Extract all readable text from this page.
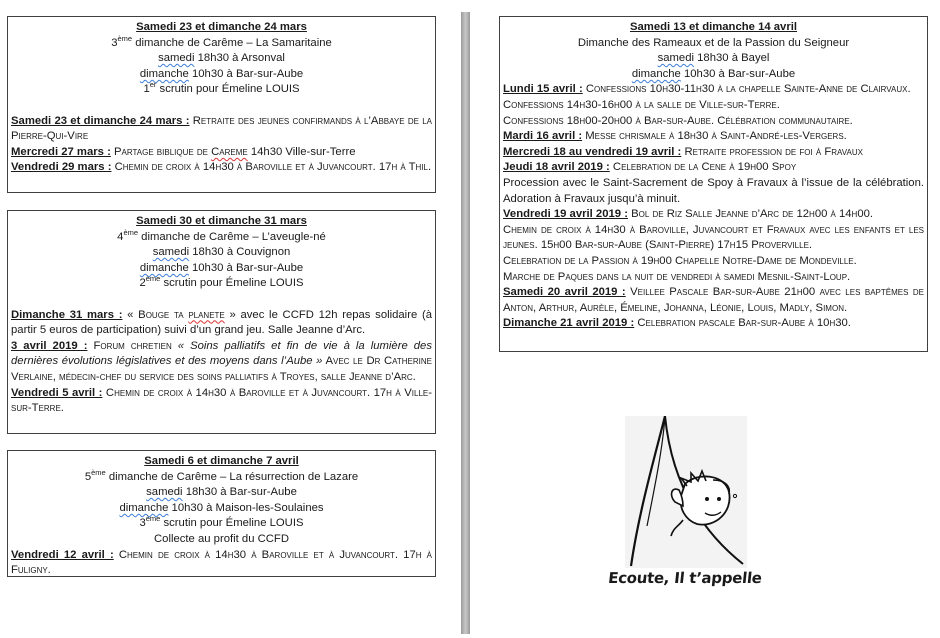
Samedi 23 et dimanche 24 mars
3ème dimanche de Carême – La Samaritaine
samedi 18h30 à Arsonval
dimanche 10h30 à Bar-sur-Aube
1er scrutin pour Émeline LOUIS
Samedi 23 et dimanche 24 mars : Retraite des jeunes confirmands à l’Abbaye de la Pierre-Qui-Vire
Mercredi 27 mars : Partage biblique de Careme 14h30 Ville-sur-Terre
Vendredi 29 mars : Chemin de croix à 14h30 à Baroville et à Juvancourt. 17h à Thil.
Samedi 30 et dimanche 31 mars
4ème dimanche de Carême – L’aveugle-né
samedi 18h30 à Couvignon
dimanche 10h30 à Bar-sur-Aube
2ème scrutin pour Émeline LOUIS
Dimanche 31 mars : « Bouge ta planete » avec le CCFD 12h repas solidaire (à partir 5 euros de participation) suivi d’un grand jeu. Salle Jeanne d’Arc.
3 avril 2019 : Forum chretien « Soins palliatifs et fin de vie à la lumière des dernières évolutions législatives et des moyens dans l’Aube » Avec le Dr Catherine Verlaine, médecin-chef du service des soins palliatifs à Troyes, salle Jeanne d’Arc.
Vendredi 5 avril : Chemin de croix à 14h30 à Baroville et à Juvancourt. 17h à Ville-sur-Terre.
Samedi 6 et dimanche 7 avril
5ème dimanche de Carême – La résurrection de Lazare
samedi 18h30 à Bar-sur-Aube
dimanche 10h30 à Maison-les-Soulaines
3ème scrutin pour Émeline LOUIS
Collecte au profit du CCFD
Vendredi 12 avril : Chemin de croix à 14h30 à Baroville et à Juvancourt. 17h à Fuligny.
Samedi 13 et dimanche 14 avril
Dimanche des Rameaux et de la Passion du Seigneur
samedi 18h30 à Bayel
dimanche 10h30 à Bar-sur-Aube
Lundi 15 avril : Confessions 10h30-11h30 à la chapelle Sainte-Anne de Clairvaux.
Confessions 14h30-16h00 à la salle de Ville-sur-Terre.
Confessions 18h00-20h00 à Bar-sur-Aube. Célébration communautaire.
Mardi 16 avril : Messe chrismale à 18h30 à Saint-André-les-Vergers.
Mercredi 18 au vendredi 19 avril : Retraite profession de foi à Fravaux
Jeudi 18 avril 2019 : Celebration de la Cene à 19h00 Spoy
Procession avec le Saint-Sacrement de Spoy à Fravaux à l’issue de la célébration. Adoration à Fravaux jusqu’à minuit.
Vendredi 19 avril 2019 : Bol de Riz Salle Jeanne d’Arc de 12h00 à 14h00.
Chemin de croix à 14h30 à Baroville, Juvancourt et Fravaux avec les enfants et les jeunes. 15h00 Bar-sur-Aube (Saint-Pierre) 17h15 Proverville.
Celebration de la Passion à 19h00 Chapelle Notre-Dame de Mondeville.
Marche de Paques dans la nuit de vendredi à samedi Mesnil-Saint-Loup.
Samedi 20 avril 2019 : Veillee Pascale Bar-sur-Aube 21h00 avec les baptêmes de Anton, Arthur, Aurèle, Émeline, Johanna, Léonie, Louis, Madly, Simon.
Dimanche 21 avril 2019 : Celebration pascale Bar-sur-Aube à 10h30.
Ecoute, Il t’appelle
